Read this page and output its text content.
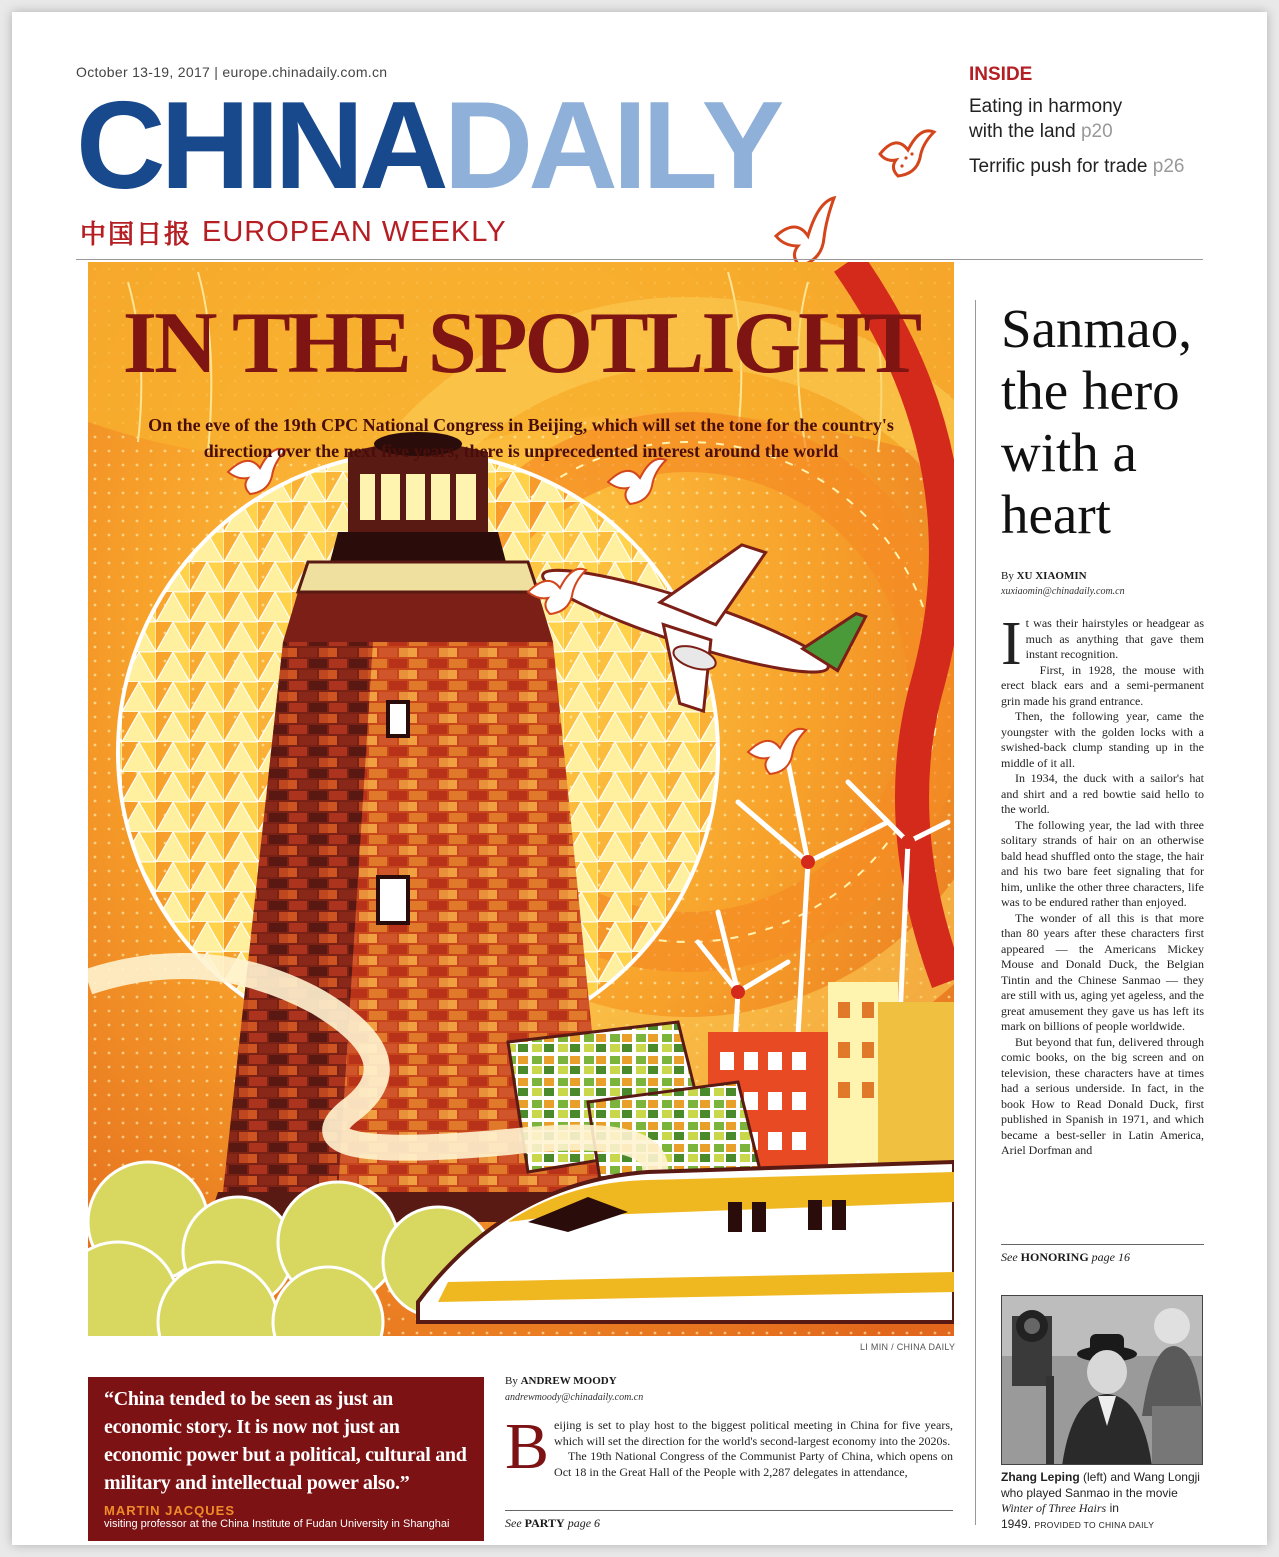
October 13-19, 2017 | europe.chinadaily.com.cn
CHINADAILY
中国日报 EUROPEAN WEEKLY
INSIDE
Eating in harmony
with the land p20
Terrific push for trade p26
IN THE SPOTLIGHT
On the eve of the 19th CPC National Congress in Beijing, which will set the tone for the country's direction over the next five years, there is unprecedented interest around the world
LI MIN / CHINA DAILY
Sanmao, the hero with a heart
By XU XIAOMIN
xuxiaomin@chinadaily.com.cn

It was their hairstyles or headgear as much as anything that gave them instant recognition.

First, in 1928, the mouse with erect black ears and a semi-permanent grin made his grand entrance.

Then, the following year, came the youngster with the golden locks with a swished-back clump standing up in the middle of it all.

In 1934, the duck with a sailor's hat and shirt and a red bowtie said hello to the world.

The following year, the lad with three solitary strands of hair on an otherwise bald head shuffled onto the stage, the hair and his two bare feet signaling that for him, unlike the other three characters, life was to be endured rather than enjoyed.

The wonder of all this is that more than 80 years after these characters first appeared — the Americans Mickey Mouse and Donald Duck, the Belgian Tintin and the Chinese Sanmao — they are still with us, aging yet ageless, and the great amusement they gave us has left its mark on billions of people worldwide.

But beyond that fun, delivered through comic books, on the big screen and on television, these characters have at times had a serious underside. In fact, in the book How to Read Donald Duck, first published in Spanish in 1971, and which became a best-seller in Latin America, Ariel Dorfman and

See HONORING page 16
Zhang Leping (left) and Wang Longji who played Sanmao in the movie Winter of Three Hairs in
1949. PROVIDED TO CHINA DAILY
“China tended to be seen as just an economic story. It is now not just an economic power but a political, cultural and military and intellectual power also.”
MARTIN JACQUES
visiting professor at the China Institute of Fudan University in Shanghai
By ANDREW MOODY
andrewmoody@chinadaily.com.cn

Beijing is set to play host to the biggest political meeting in China for five years, which will set the direction for the world's second-largest economy into the 2020s.

The 19th National Congress of the Communist Party of China, which opens on Oct 18 in the Great Hall of the People with 2,287 delegates in attendance,

See PARTY page 6
